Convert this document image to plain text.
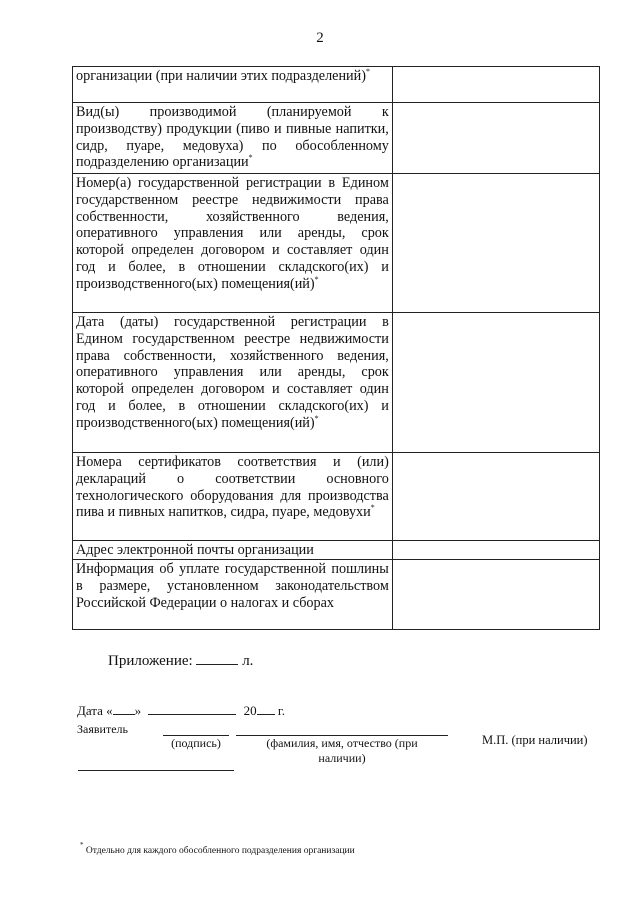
2
организации (при наличии этих подразделений)*	
Вид(ы) производимой (планируемой к производству) продукции (пиво и пивные напитки, сидр, пуаре, медовуха) по обособленному подразделению организации*	
Номер(а) государственной регистрации в Едином государственном реестре недвижимости права собственности, хозяйственного ведения, оперативного управления или аренды, срок которой определен договором и составляет один год и более, в отношении складского(их) и производственного(ых) помещения(ий)*	
Дата (даты) государственной регистрации в Едином государственном реестре недвижимости права собственности, хозяйственного ведения, оперативного управления или аренды, срок которой определен договором и составляет один год и более, в отношении складского(их) и производственного(ых) помещения(ий)*	
Номера сертификатов соответствия и (или) деклараций о соответствии основного технологического оборудования для производства пива и пивных напитков, сидра, пуаре, медовухи*	
Адрес электронной почты организации	
Информация об уплате государственной пошлины в размере, установленном законодательством Российской Федерации о налогах и сборах	
Приложение:	л.
Дата « »	20 г.
Заявитель
(подпись)	(фамилия, имя, отчество (при наличии)
М.П. (при наличии)
* Отдельно для каждого обособленного подразделения организации
